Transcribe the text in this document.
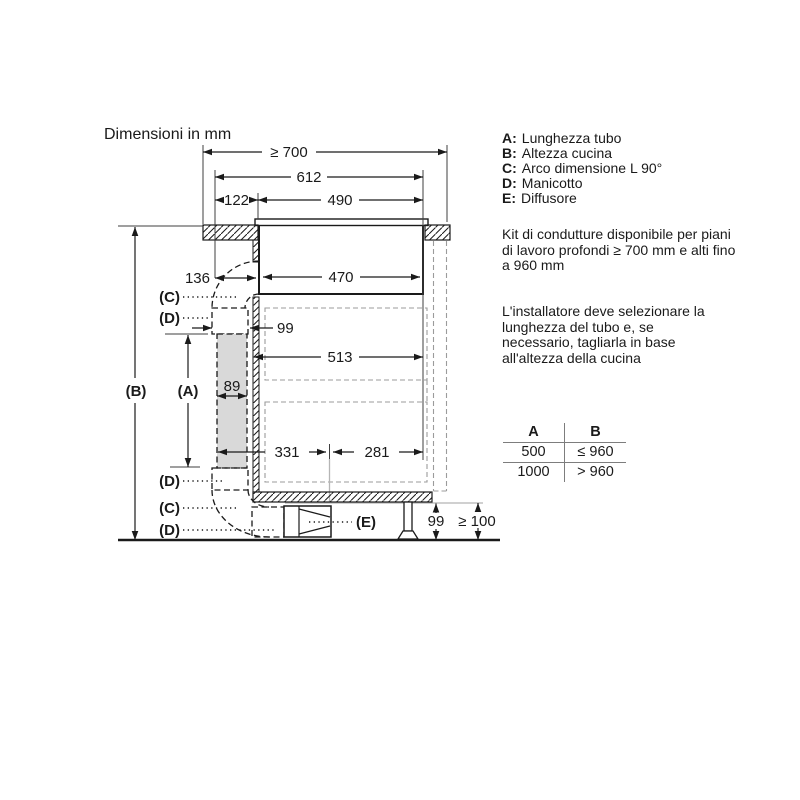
Dimensioni in mm
≥ 700
612
122	490
136	470
99
513
89
331	281
99 ≥ 100
(B) (A)
(C)
(D)
(D)
(C)
(D)	(E)
A: Lunghezza tubo
B: Altezza cucina
C: Arco dimensione L 90°
D: Manicotto
E: Diffusore
Kit di condutture disponibile per piani di lavoro profondi ≥ 700 mm e alti fino a 960 mm
L'installatore deve selezionare la lunghezza del tubo e, se necessario, tagliarla in base all'altezza della cucina
A	B
500	≤ 960
1000	> 960
